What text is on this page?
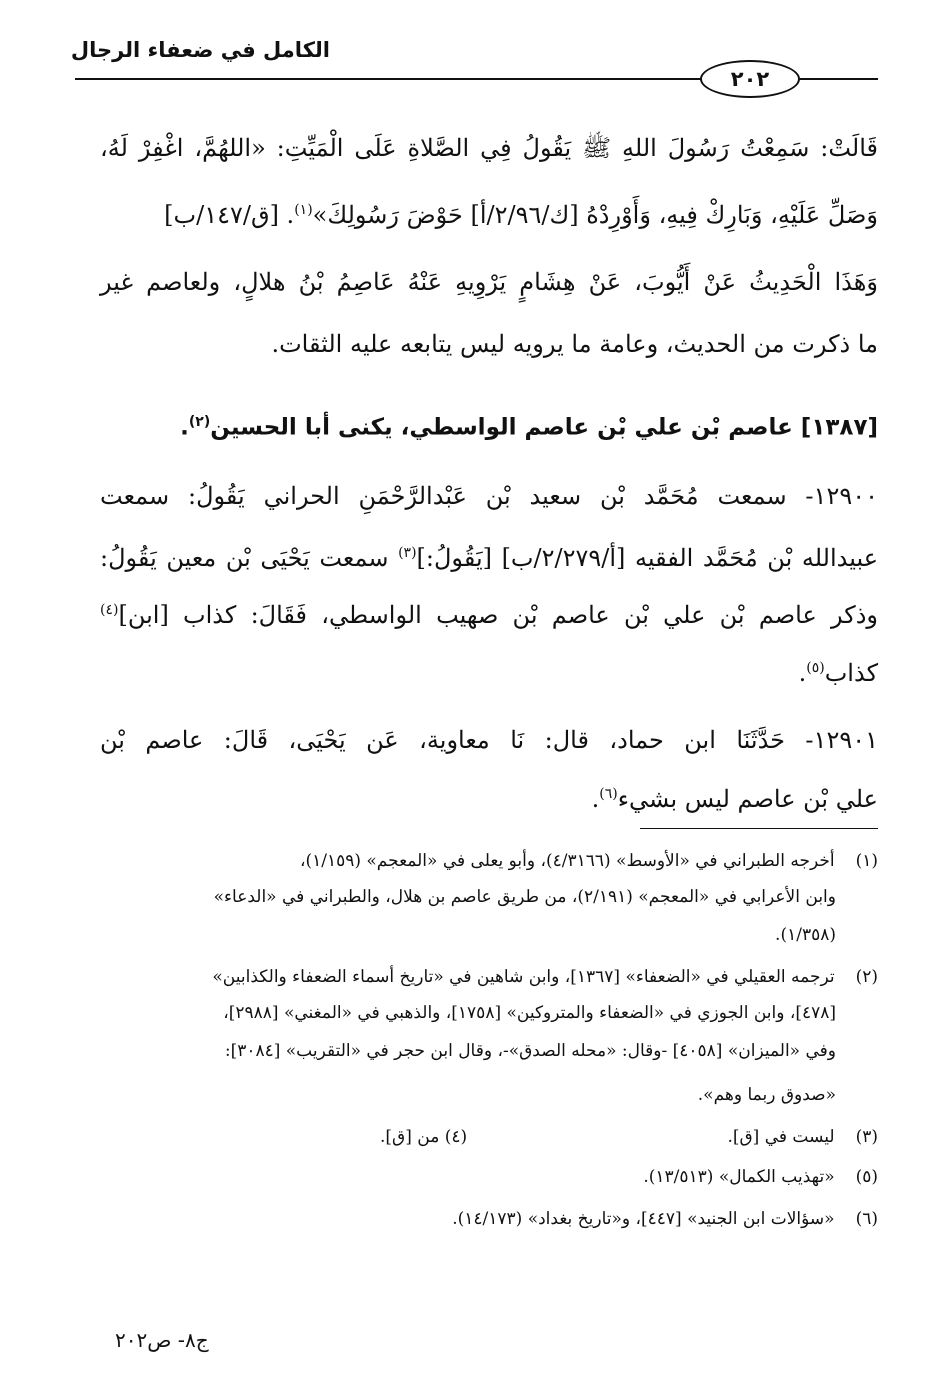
الكامل في ضعفاء الرجال
٢٠٢
قَالَتْ: سَمِعْتُ رَسُولَ اللهِ ﷺ يَقُولُ فِي الصَّلاةِ عَلَى الْمَيِّتِ: «اللهُمَّ، اغْفِرْ لَهُ،
وَصَلِّ عَلَيْهِ، وَبَارِكْ فِيهِ، وَأَوْرِدْهُ [ك/٢/٩٦/أ] حَوْضَ رَسُولِكَ»$^{(١)}$. [ق/١٤٧/ب]
وَهَذَا الْحَدِيثُ عَنْ أَيُّوبَ، عَنْ هِشَامٍ يَرْوِيهِ عَنْهُ عَاصِمُ بْنُ هلالٍ، ولعاصم غير
ما ذكرت من الحديث، وعامة ما يرويه ليس يتابعه عليه الثقات.
[١٣٨٧] عاصم بْن علي بْن عاصم الواسطي، يكنى أبا الحسين$^{(٢)}$.
١٢٩٠٠- سمعت مُحَمَّد بْن سعيد بْن عَبْدالرَّحْمَنِ الحراني يَقُولُ: سمعت
عبيدالله بْن مُحَمَّد الفقيه [أ/٢/٢٧٩/ب] [يَقُولُ:]$^{(٣)}$ سمعت يَحْيَى بْن معين يَقُولُ:
وذكر عاصم بْن علي بْن عاصم بْن صهيب الواسطي، فَقَالَ: كذاب [ابن]$^{(٤)}$
كذاب$^{(٥)}$.
١٢٩٠١- حَدَّثَنَا ابن حماد، قال: نَا معاوية، عَن يَحْيَى، قَالَ: عاصم بْن
علي بْن عاصم ليس بشيء$^{(٦)}$.
(١) أخرجه الطبراني في «الأوسط» (٤/٣١٦٦)، وأبو يعلى في «المعجم» (١/١٥٩)،
وابن الأعرابي في «المعجم» (٢/١٩١)، من طريق عاصم بن هلال، والطبراني في «الدعاء»
(١/٣٥٨).
(٢) ترجمه العقيلي في «الضعفاء» [١٣٦٧]، وابن شاهين في «تاريخ أسماء الضعفاء والكذابين»
[٤٧٨]، وابن الجوزي في «الضعفاء والمتروكين» [١٧٥٨]، والذهبي في «المغني» [٢٩٨٨]،
وفي «الميزان» [٤٠٥٨] -وقال: «محله الصدق»-، وقال ابن حجر في «التقريب» [٣٠٨٤]:
«صدوق ربما وهم».
(٣) ليست في [ق].
(٤) من [ق].
(٥) «تهذيب الكمال» (١٣/٥١٣).
(٦) «سؤالات ابن الجنيد» [٤٤٧]، و«تاريخ بغداد» (١٤/١٧٣).
ج٨- ص٢٠٢
